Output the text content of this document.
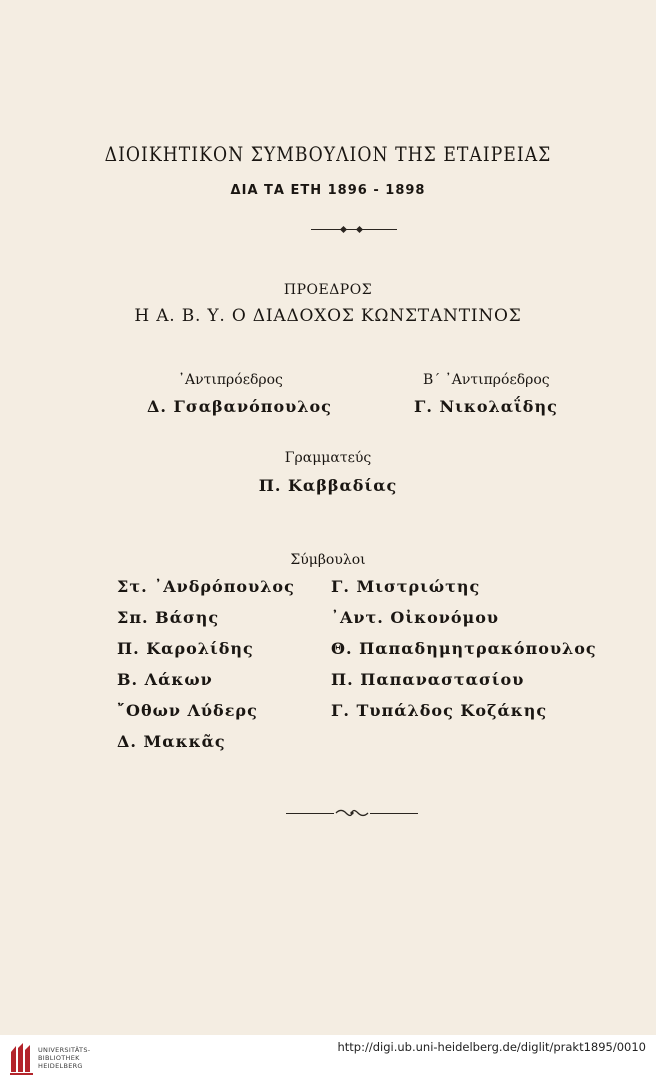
ΔΙΟΙΚΗΤΙΚΟΝ ΣΥΜΒΟΥΛΙΟΝ ΤΗΣ ΕΤΑΙΡΕΙΑΣ
ΔΙΑ ΤΑ ΕΤΗ 1896 - 1898
ΠΡΟΕΔΡΟΣ
Η Α. Β. Υ. Ο ΔΙΑΔΟΧΟΣ ΚΩΝΣΤΑΝΤΙΝΟΣ
᾿Αντιπρόεδρος
Δ. Γσαβανόπουλος
Β´ ᾿Αντιπρόεδρος
Γ. Νικολαΐδης
Γραμματεύς
Π. Καββαδίας
Σύμβουλοι
Στ. ᾿Ανδρόπουλος
Σπ. Βάσης
Π. Καρολίδης
Β. Λάκων
῎Οθων Λύδερς
Δ. Μακκᾶς
Γ. Μιστριώτης
᾿Αντ. Οἰκονόμου
Θ. Παπαδημητρακόπουλος
Π. Παπαναστασίου
Γ. Τυπάλδος Κοζάκης
UNIVERSITÄTS-
BIBLIOTHEK
HEIDELBERG
http://digi.ub.uni-heidelberg.de/diglit/prakt1895/0010
